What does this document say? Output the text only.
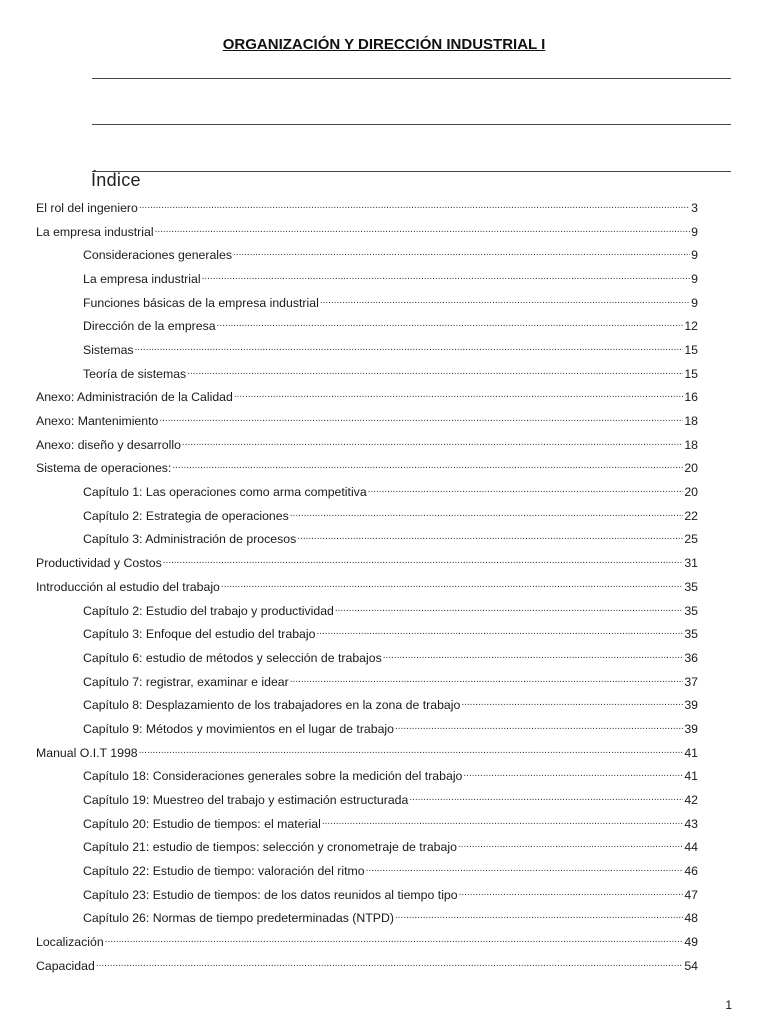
ORGANIZACIÓN Y DIRECCIÓN INDUSTRIAL I
Índice
El rol del ingeniero .....	3
La empresa industrial .....	9
Consideraciones generales .....	9
La empresa industrial .....	9
Funciones básicas de la empresa industrial .....	9
Dirección de la empresa .....	12
Sistemas .....	15
Teoría de sistemas .....	15
Anexo: Administración de la Calidad .....	16
Anexo: Mantenimiento .....	18
Anexo: diseño y desarrollo .....	18
Sistema de operaciones: .....	20
Capítulo 1: Las operaciones como arma competitiva .....	20
Capítulo 2: Estrategia de operaciones .....	22
Capítulo 3: Administración de procesos .....	25
Productividad y Costos .....	31
Introducción al estudio del trabajo .....	35
Capítulo 2: Estudio del trabajo y productividad .....	35
Capítulo 3: Enfoque del estudio del trabajo .....	35
Capítulo 6: estudio de métodos y selección de trabajos .....	36
Capítulo 7: registrar, examinar e idear .....	37
Capítulo 8: Desplazamiento de los trabajadores en la zona de trabajo .....	39
Capítulo 9: Métodos y movimientos en el lugar de trabajo .....	39
Manual O.I.T 1998 .....	41
Capítulo 18: Consideraciones generales sobre la medición del trabajo .....	41
Capítulo 19: Muestreo del trabajo y estimación estructurada .....	42
Capítulo 20: Estudio de tiempos: el material .....	43
Capítulo 21: estudio de tiempos: selección y cronometraje de trabajo .....	44
Capítulo 22: Estudio de tiempo: valoración del ritmo .....	46
Capítulo 23: Estudio de tiempos: de los datos reunidos al tiempo tipo .....	47
Capítulo 26: Normas de tiempo predeterminadas (NTPD) .....	48
Localización .....	49
Capacidad .....	54
1
